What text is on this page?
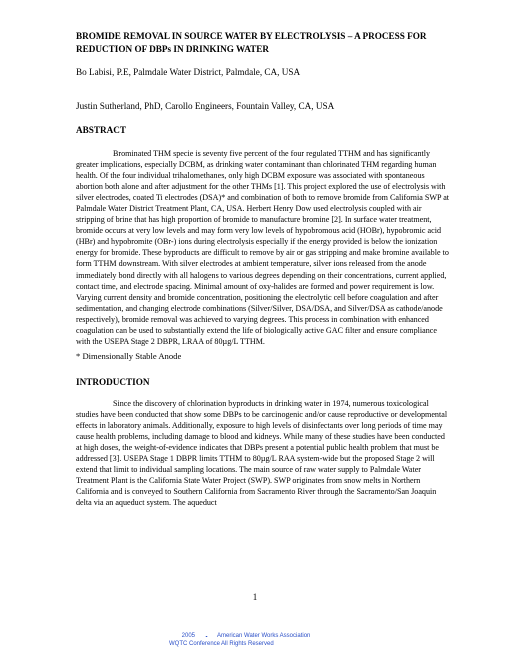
BROMIDE REMOVAL IN SOURCE WATER BY ELECTROLYSIS – A PROCESS FOR REDUCTION OF DBPs IN DRINKING WATER

Bo Labisi, P.E, Palmdale Water District, Palmdale, CA, USA

Justin Sutherland, PhD, Carollo Engineers, Fountain Valley, CA, USA

ABSTRACT

Brominated THM specie is seventy five percent of the four regulated TTHM and has significantly greater implications, especially DCBM, as drinking water contaminant than chlorinated THM regarding human health. Of the four individual trihalomethanes, only high DCBM exposure was associated with spontaneous abortion both alone and after adjustment for the other THMs [1]. This project explored the use of electrolysis with silver electrodes, coated Ti electrodes (DSA)* and combination of both to remove bromide from California SWP at Palmdale Water District Treatment Plant, CA, USA. Herbert Henry Dow used electrolysis coupled with air stripping of brine that has high proportion of bromide to manufacture bromine [2]. In surface water treatment, bromide occurs at very low levels and may form very low levels of hypobromous acid (HOBr), hypobromic acid (HBr) and hypobromite (OBr-) ions during electrolysis especially if the energy provided is below the ionization energy for bromide. These byproducts are difficult to remove by air or gas stripping and make bromine available to form TTHM downstream. With silver electrodes at ambient temperature, silver ions released from the anode immediately bond directly with all halogens to various degrees depending on their concentrations, current applied, contact time, and electrode spacing. Minimal amount of oxy-halides are formed and power requirement is low. Varying current density and bromide concentration, positioning the electrolytic cell before coagulation and after sedimentation, and changing electrode combinations (Silver/Silver, DSA/DSA, and Silver/DSA as cathode/anode respectively), bromide removal was achieved to varying degrees. This process in combination with enhanced coagulation can be used to substantially extend the life of biologically active GAC filter and ensure compliance with the USEPA Stage 2 DBPR, LRAA of 80µg/L TTHM.

* Dimensionally Stable Anode

INTRODUCTION

Since the discovery of chlorination byproducts in drinking water in 1974, numerous toxicological studies have been conducted that show some DBPs to be carcinogenic and/or cause reproductive or developmental effects in laboratory animals. Additionally, exposure to high levels of disinfectants over long periods of time may cause health problems, including damage to blood and kidneys. While many of these studies have been conducted at high doses, the weight-of-evidence indicates that DBPs present a potential public health problem that must be addressed [3]. USEPA Stage 1 DBPR limits TTHM to 80µg/L RAA system-wide but the proposed Stage 2 will extend that limit to individual sampling locations. The main source of raw water supply to Palmdale Water Treatment Plant is the California State Water Project (SWP). SWP originates from snow melts in Northern California and is conveyed to Southern California from Sacramento River through the Sacramento/San Joaquin delta via an aqueduct system. The aqueduct

1

2005	..	American Water Works Association
WQTC Conference All Rights Reserved
